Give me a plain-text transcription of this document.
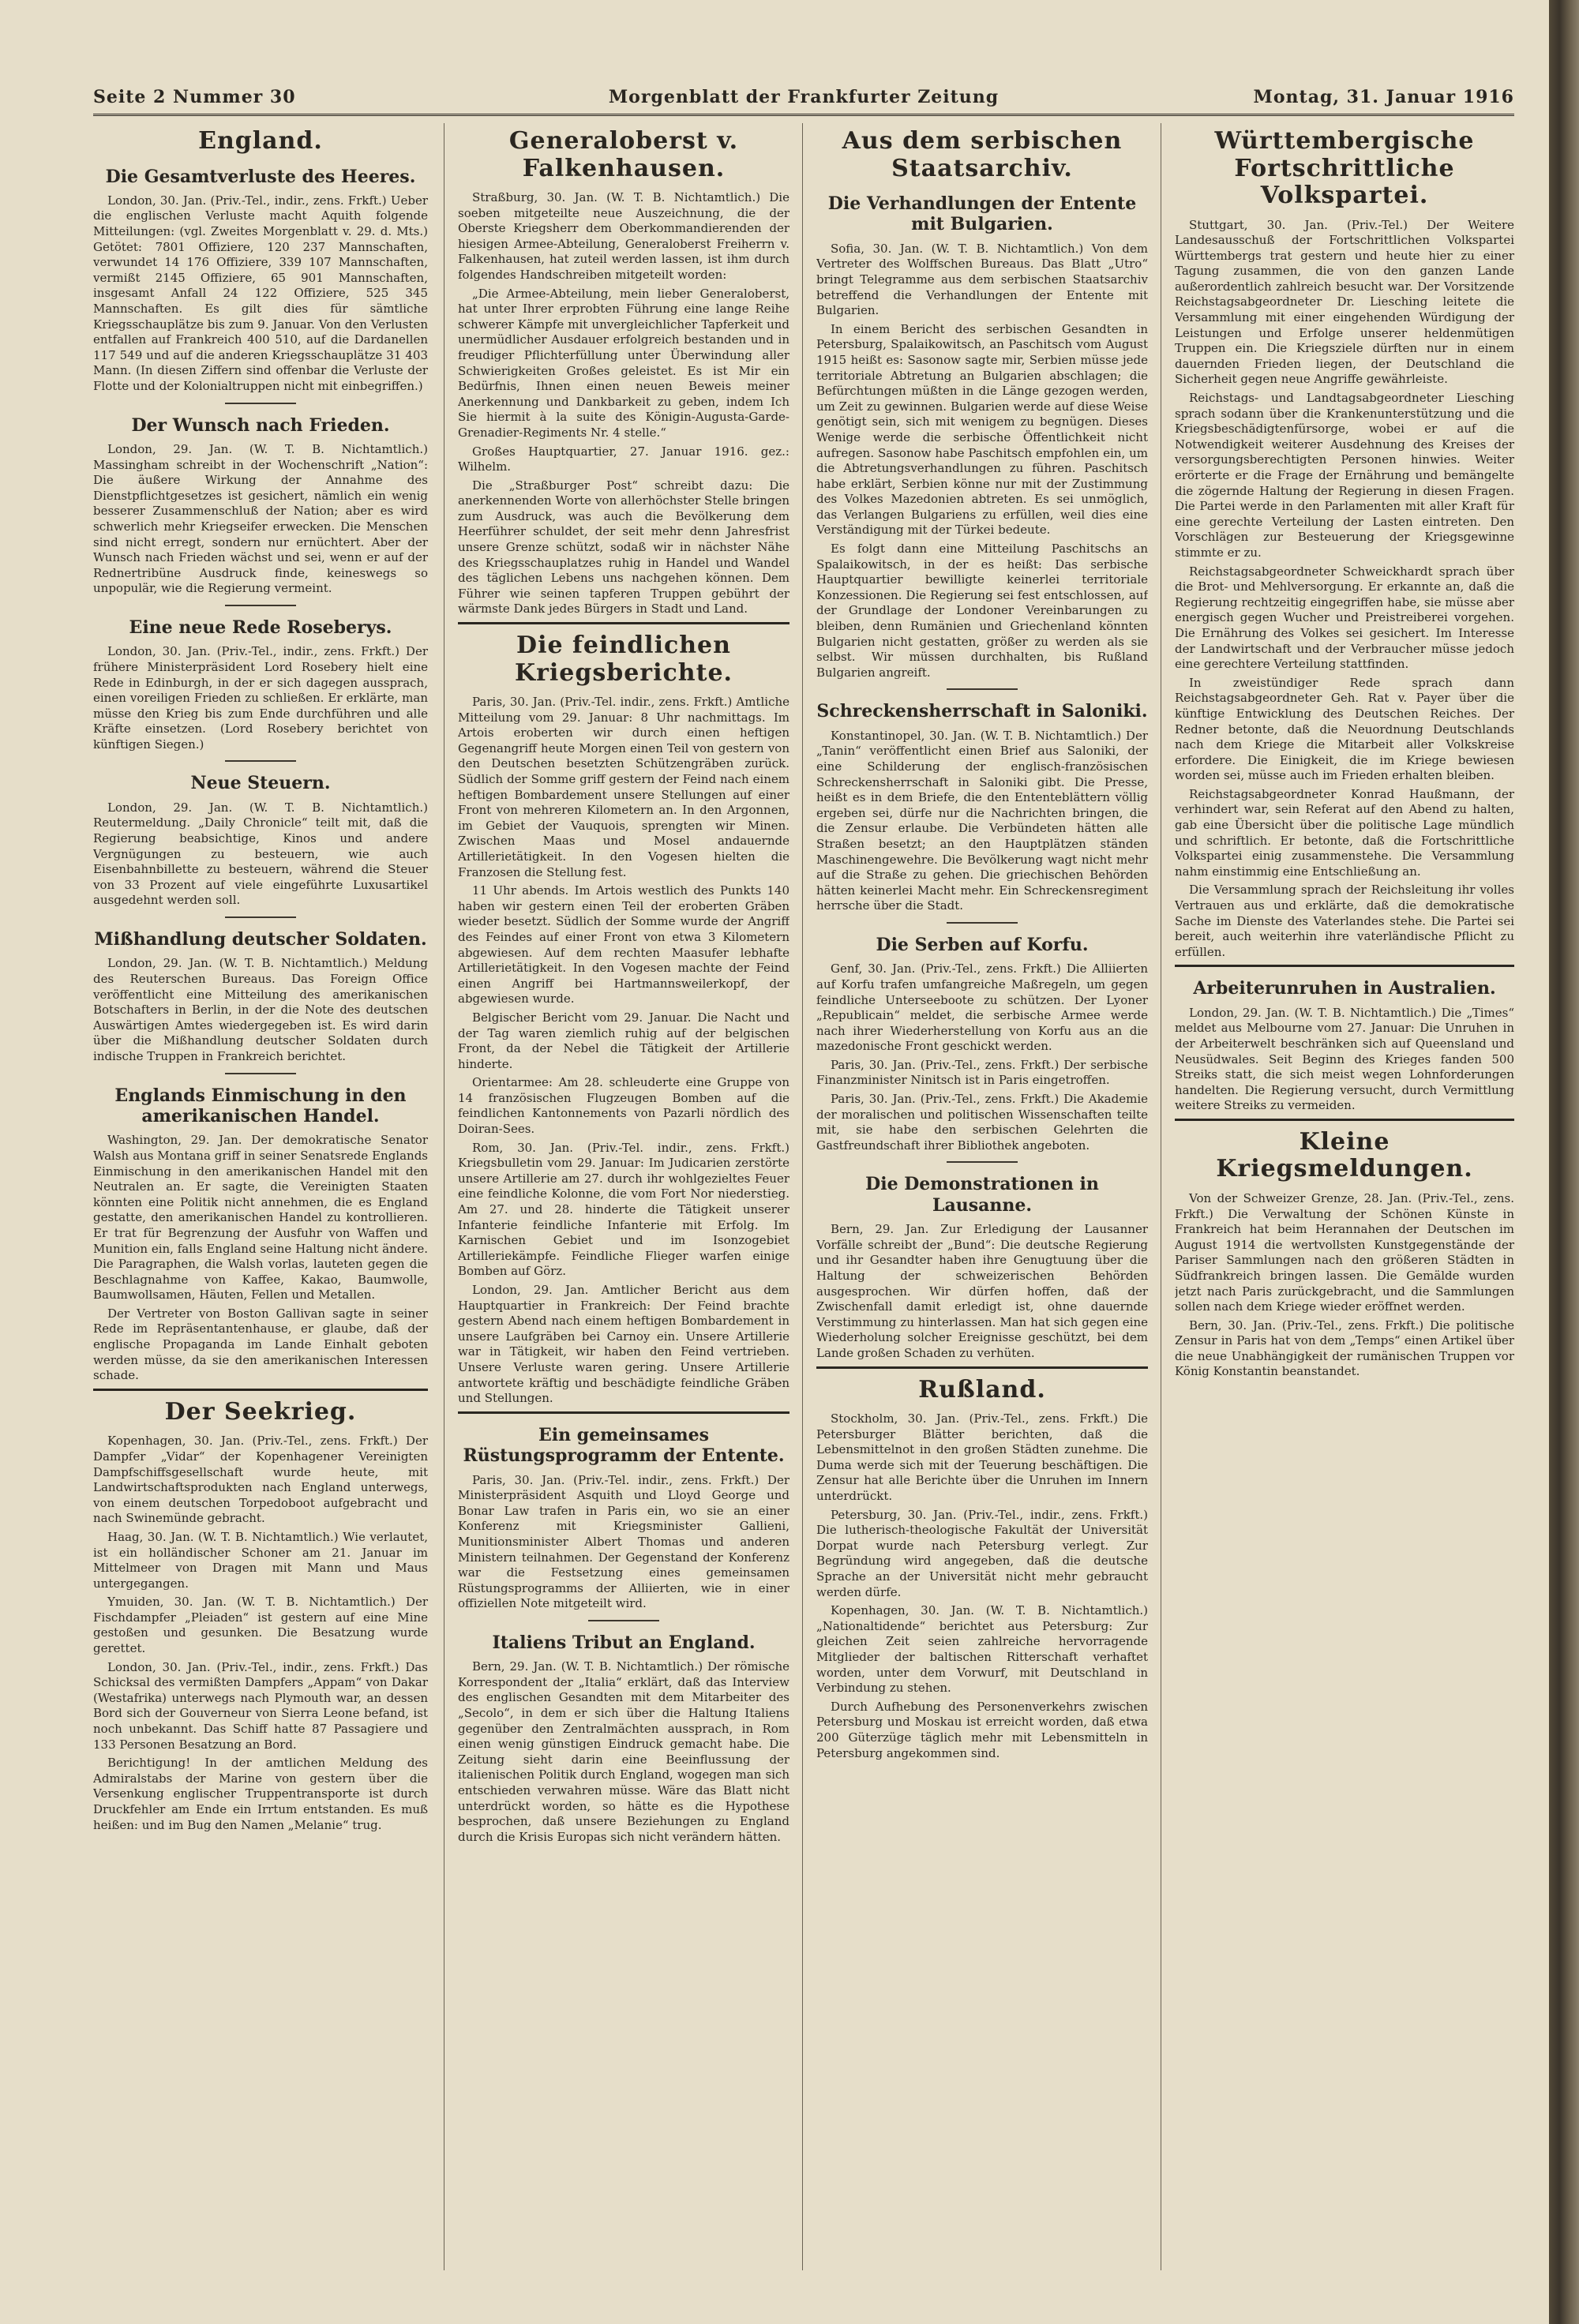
Seite 2 Nummer 30	Morgenblatt der Frankfurter Zeitung	Montag, 31. Januar 1916
England.
Die Gesamtverluste des Heeres.

London, 30. Jan. (Priv.-Tel., indir., zens. Frkft.) Ueber die englischen Verluste macht Aquith folgende Mitteilungen: (vgl. Zweites Morgenblatt v. 29. d. Mts.) Getötet: 7801 Offiziere, 120 237 Mannschaften, verwundet 14 176 Offiziere, 339 107 Mannschaften, vermißt 2145 Offiziere, 65 901 Mannschaften, insgesamt Anfall 24 122 Offiziere, 525 345 Mannschaften. Es gilt dies für sämtliche Kriegsschauplätze bis zum 9. Januar. Von den Verlusten entfallen auf Frankreich 400 510, auf die Dardanellen 117 549 und auf die anderen Kriegsschauplätze 31 403 Mann. (In diesen Ziffern sind offenbar die Verluste der Flotte und der Kolonialtruppen nicht mit einbegriffen.)

Der Wunsch nach Frieden.

London, 29. Jan. (W. T. B. Nichtamtlich.) Massingham schreibt in der Wochenschrift „Nation“: Die äußere Wirkung der Annahme des Dienstpflichtgesetzes ist gesichert, nämlich ein wenig besserer Zusammenschluß der Nation; aber es wird schwerlich mehr Kriegseifer erwecken. Die Menschen sind nicht erregt, sondern nur ernüchtert. Aber der Wunsch nach Frieden wächst und sei, wenn er auf der Rednertribüne Ausdruck finde, keineswegs so unpopulär, wie die Regierung vermeint.

Eine neue Rede Roseberys.

London, 30. Jan. (Priv.-Tel., indir., zens. Frkft.) Der frühere Ministerpräsident Lord Rosebery hielt eine Rede in Edinburgh, in der er sich dagegen aussprach, einen voreiligen Frieden zu schließen. Er erklärte, man müsse den Krieg bis zum Ende durchführen und alle Kräfte einsetzen. (Lord Rosebery berichtet von künftigen Siegen.)

Neue Steuern.

London, 29. Jan. (W. T. B. Nichtamtlich.) Reutermeldung. „Daily Chronicle“ teilt mit, daß die Regierung beabsichtige, Kinos und andere Vergnügungen zu besteuern, wie auch Eisenbahnbillette zu besteuern, während die Steuer von 33 Prozent auf viele eingeführte Luxusartikel ausgedehnt werden soll.

Mißhandlung deutscher Soldaten.

London, 29. Jan. (W. T. B. Nichtamtlich.) Meldung des Reuterschen Bureaus. Das Foreign Office veröffentlicht eine Mitteilung des amerikanischen Botschafters in Berlin, in der die Note des deutschen Auswärtigen Amtes wiedergegeben ist. Es wird darin über die Mißhandlung deutscher Soldaten durch indische Truppen in Frankreich berichtet.

Englands Einmischung in den amerikanischen Handel.

Washington, 29. Jan. Der demokratische Senator Walsh aus Montana griff in seiner Senatsrede Englands Einmischung in den amerikanischen Handel mit den Neutralen an. Er sagte, die Vereinigten Staaten könnten eine Politik nicht annehmen, die es England gestatte, den amerikanischen Handel zu kontrollieren. Er trat für Begrenzung der Ausfuhr von Waffen und Munition ein, falls England seine Haltung nicht ändere. Die Paragraphen, die Walsh vorlas, lauteten gegen die Beschlagnahme von Kaffee, Kakao, Baumwolle, Baumwollsamen, Häuten, Fellen und Metallen.

Der Vertreter von Boston Gallivan sagte in seiner Rede im Repräsentantenhause, er glaube, daß der englische Propaganda im Lande Einhalt geboten werden müsse, da sie den amerikanischen Interessen schade.

Der Seekrieg.

Kopenhagen, 30. Jan. (Priv.-Tel., zens. Frkft.) Der Dampfer „Vidar“ der Kopenhagener Vereinigten Dampfschiffsgesellschaft wurde heute, mit Landwirtschaftsprodukten nach England unterwegs, von einem deutschen Torpedoboot aufgebracht und nach Swinemünde gebracht.

Haag, 30. Jan. (W. T. B. Nichtamtlich.) Wie verlautet, ist ein holländischer Schoner am 21. Januar im Mittelmeer von Dragen mit Mann und Maus untergegangen.

Ymuiden, 30. Jan. (W. T. B. Nichtamtlich.) Der Fischdampfer „Pleiaden“ ist gestern auf eine Mine gestoßen und gesunken. Die Besatzung wurde gerettet.

London, 30. Jan. (Priv.-Tel., indir., zens. Frkft.) Das Schicksal des vermißten Dampfers „Appam“ von Dakar (Westafrika) unterwegs nach Plymouth war, an dessen Bord sich der Gouverneur von Sierra Leone befand, ist noch unbekannt. Das Schiff hatte 87 Passagiere und 133 Personen Besatzung an Bord.

Berichtigung! In der amtlichen Meldung des Admiralstabs der Marine von gestern über die Versenkung englischer Truppentransporte ist durch Druckfehler am Ende ein Irrtum entstanden. Es muß heißen: und im Bug den Namen „Melanie“ trug.

Generaloberst v. Falkenhausen.

Straßburg, 30. Jan. (W. T. B. Nichtamtlich.) Die soeben mitgeteilte neue Auszeichnung, die der Oberste Kriegsherr dem Oberkommandierenden der hiesigen Armee-Abteilung, Generaloberst Freiherrn v. Falkenhausen, hat zuteil werden lassen, ist ihm durch folgendes Handschreiben mitgeteilt worden:

„Die Armee-Abteilung, mein lieber Generaloberst, hat unter Ihrer erprobten Führung eine lange Reihe schwerer Kämpfe mit unvergleichlicher Tapferkeit und unermüdlicher Ausdauer erfolgreich bestanden und in freudiger Pflichterfüllung unter Überwindung aller Schwierigkeiten Großes geleistet. Es ist Mir ein Bedürfnis, Ihnen einen neuen Beweis meiner Anerkennung und Dankbarkeit zu geben, indem Ich Sie hiermit à la suite des Königin-Augusta-Garde-Grenadier-Regiments Nr. 4 stelle.“

Großes Hauptquartier, 27. Januar 1916. gez.: Wilhelm.

Die „Straßburger Post“ schreibt dazu: Die anerkennenden Worte von allerhöchster Stelle bringen zum Ausdruck, was auch die Bevölkerung dem Heerführer schuldet, der seit mehr denn Jahresfrist unsere Grenze schützt, sodaß wir in nächster Nähe des Kriegsschauplatzes ruhig in Handel und Wandel des täglichen Lebens uns nachgehen können. Dem Führer wie seinen tapferen Truppen gebührt der wärmste Dank jedes Bürgers in Stadt und Land.

Die feindlichen Kriegsberichte.

Paris, 30. Jan. (Priv.-Tel. indir., zens. Frkft.) Amtliche Mitteilung vom 29. Januar: 8 Uhr nachmittags. Im Artois eroberten wir durch einen heftigen Gegenangriff heute Morgen einen Teil von gestern von den Deutschen besetzten Schützengräben zurück. Südlich der Somme griff gestern der Feind nach einem heftigen Bombardement unsere Stellungen auf einer Front von mehreren Kilometern an. In den Argonnen, im Gebiet der Vauquois, sprengten wir Minen. Zwischen Maas und Mosel andauernde Artillerietätigkeit. In den Vogesen hielten die Franzosen die Stellung fest.

11 Uhr abends. Im Artois westlich des Punkts 140 haben wir gestern einen Teil der eroberten Gräben wieder besetzt. Südlich der Somme wurde der Angriff des Feindes auf einer Front von etwa 3 Kilometern abgewiesen. Auf dem rechten Maasufer lebhafte Artillerietätigkeit. In den Vogesen machte der Feind einen Angriff bei Hartmannsweilerkopf, der abgewiesen wurde.

Belgischer Bericht vom 29. Januar. Die Nacht und der Tag waren ziemlich ruhig auf der belgischen Front, da der Nebel die Tätigkeit der Artillerie hinderte.

Orientarmee: Am 28. schleuderte eine Gruppe von 14 französischen Flugzeugen Bomben auf die feindlichen Kantonnements von Pazarli nördlich des Doiran-Sees.

Rom, 30. Jan. (Priv.-Tel. indir., zens. Frkft.) Kriegsbulletin vom 29. Januar: Im Judicarien zerstörte unsere Artillerie am 27. durch ihr wohlgezieltes Feuer eine feindliche Kolonne, die vom Fort Nor niederstieg. Am 27. und 28. hinderte die Tätigkeit unserer Infanterie feindliche Infanterie mit Erfolg. Im Karnischen Gebiet und im Isonzogebiet Artilleriekämpfe. Feindliche Flieger warfen einige Bomben auf Görz.

London, 29. Jan. Amtlicher Bericht aus dem Hauptquartier in Frankreich: Der Feind brachte gestern Abend nach einem heftigen Bombardement in unsere Laufgräben bei Carnoy ein. Unsere Artillerie war in Tätigkeit, wir haben den Feind vertrieben. Unsere Verluste waren gering. Unsere Artillerie antwortete kräftig und beschädigte feindliche Gräben und Stellungen.

Ein gemeinsames Rüstungsprogramm der Entente.

Paris, 30. Jan. (Priv.-Tel. indir., zens. Frkft.) Der Ministerpräsident Asquith und Lloyd George und Bonar Law trafen in Paris ein, wo sie an einer Konferenz mit Kriegsminister Gallieni, Munitionsminister Albert Thomas und anderen Ministern teilnahmen. Der Gegenstand der Konferenz war die Festsetzung eines gemeinsamen Rüstungsprogramms der Alliierten, wie in einer offiziellen Note mitgeteilt wird.

Italiens Tribut an England.

Bern, 29. Jan. (W. T. B. Nichtamtlich.) Der römische Korrespondent der „Italia“ erklärt, daß das Interview des englischen Gesandten mit dem Mitarbeiter des „Secolo“, in dem er sich über die Haltung Italiens gegenüber den Zentralmächten aussprach, in Rom einen wenig günstigen Eindruck gemacht habe. Die Zeitung sieht darin eine Beeinflussung der italienischen Politik durch England, wogegen man sich entschieden verwahren müsse. Wäre das Blatt nicht unterdrückt worden, so hätte es die Hypothese besprochen, daß unsere Beziehungen zu England durch die Krisis Europas sich nicht verändern hätten.

Aus dem serbischen Staatsarchiv.
Die Verhandlungen der Entente mit Bulgarien.

Sofia, 30. Jan. (W. T. B. Nichtamtlich.) Von dem Vertreter des Wolffschen Bureaus. Das Blatt „Utro“ bringt Telegramme aus dem serbischen Staatsarchiv betreffend die Verhandlungen der Entente mit Bulgarien.

In einem Bericht des serbischen Gesandten in Petersburg, Spalaikowitsch, an Paschitsch vom August 1915 heißt es: Sasonow sagte mir, Serbien müsse jede territoriale Abtretung an Bulgarien abschlagen; die Befürchtungen müßten in die Länge gezogen werden, um Zeit zu gewinnen. Bulgarien werde auf diese Weise genötigt sein, sich mit wenigem zu begnügen. Dieses Wenige werde die serbische Öffentlichkeit nicht aufregen. Sasonow habe Paschitsch empfohlen ein, um die Abtretungsverhandlungen zu führen. Paschitsch habe erklärt, Serbien könne nur mit der Zustimmung des Volkes Mazedonien abtreten. Es sei unmöglich, das Verlangen Bulgariens zu erfüllen, weil dies eine Verständigung mit der Türkei bedeute.

Es folgt dann eine Mitteilung Paschitschs an Spalaikowitsch, in der es heißt: Das serbische Hauptquartier bewilligte keinerlei territoriale Konzessionen. Die Regierung sei fest entschlossen, auf der Grundlage der Londoner Vereinbarungen zu bleiben, denn Rumänien und Griechenland könnten Bulgarien nicht gestatten, größer zu werden als sie selbst. Wir müssen durchhalten, bis Rußland Bulgarien angreift.

Schreckensherrschaft in Saloniki.

Konstantinopel, 30. Jan. (W. T. B. Nichtamtlich.) Der „Tanin“ veröffentlicht einen Brief aus Saloniki, der eine Schilderung der englisch-französischen Schreckensherrschaft in Saloniki gibt. Die Presse, heißt es in dem Briefe, die den Ententeblättern völlig ergeben sei, dürfe nur die Nachrichten bringen, die die Zensur erlaube. Die Verbündeten hätten alle Straßen besetzt; an den Hauptplätzen ständen Maschinengewehre. Die Bevölkerung wagt nicht mehr auf die Straße zu gehen. Die griechischen Behörden hätten keinerlei Macht mehr. Ein Schreckensregiment herrsche über die Stadt.

Die Serben auf Korfu.

Genf, 30. Jan. (Priv.-Tel., zens. Frkft.) Die Alliierten auf Korfu trafen umfangreiche Maßregeln, um gegen feindliche Unterseeboote zu schützen. Der Lyoner „Republicain“ meldet, die serbische Armee werde nach ihrer Wiederherstellung von Korfu aus an die mazedonische Front geschickt werden.

Paris, 30. Jan. (Priv.-Tel., zens. Frkft.) Der serbische Finanzminister Ninitsch ist in Paris eingetroffen.

Paris, 30. Jan. (Priv.-Tel., zens. Frkft.) Die Akademie der moralischen und politischen Wissenschaften teilte mit, sie habe den serbischen Gelehrten die Gastfreundschaft ihrer Bibliothek angeboten.

Die Demonstrationen in Lausanne.

Bern, 29. Jan. Zur Erledigung der Lausanner Vorfälle schreibt der „Bund“: Die deutsche Regierung und ihr Gesandter haben ihre Genugtuung über die Haltung der schweizerischen Behörden ausgesprochen. Wir dürfen hoffen, daß der Zwischenfall damit erledigt ist, ohne dauernde Verstimmung zu hinterlassen. Man hat sich gegen eine Wiederholung solcher Ereignisse geschützt, bei dem Lande großen Schaden zu verhüten.

Rußland.

Stockholm, 30. Jan. (Priv.-Tel., zens. Frkft.) Die Petersburger Blätter berichten, daß die Lebensmittelnot in den großen Städten zunehme. Die Duma werde sich mit der Teuerung beschäftigen. Die Zensur hat alle Berichte über die Unruhen im Innern unterdrückt.

Petersburg, 30. Jan. (Priv.-Tel., indir., zens. Frkft.) Die lutherisch-theologische Fakultät der Universität Dorpat wurde nach Petersburg verlegt. Zur Begründung wird angegeben, daß die deutsche Sprache an der Universität nicht mehr gebraucht werden dürfe.

Kopenhagen, 30. Jan. (W. T. B. Nichtamtlich.) „Nationaltidende“ berichtet aus Petersburg: Zur gleichen Zeit seien zahlreiche hervorragende Mitglieder der baltischen Ritterschaft verhaftet worden, unter dem Vorwurf, mit Deutschland in Verbindung zu stehen.

Durch Aufhebung des Personenverkehrs zwischen Petersburg und Moskau ist erreicht worden, daß etwa 200 Güterzüge täglich mehr mit Lebensmitteln in Petersburg angekommen sind.

Württembergische Fortschrittliche Volkspartei.

Stuttgart, 30. Jan. (Priv.-Tel.) Der Weitere Landesausschuß der Fortschrittlichen Volkspartei Württembergs trat gestern und heute hier zu einer Tagung zusammen, die von den ganzen Lande außerordentlich zahlreich besucht war. Der Vorsitzende Reichstagsabgeordneter Dr. Liesching leitete die Versammlung mit einer eingehenden Würdigung der Leistungen und Erfolge unserer heldenmütigen Truppen ein. Die Kriegsziele dürften nur in einem dauernden Frieden liegen, der Deutschland die Sicherheit gegen neue Angriffe gewährleiste.

Reichstags- und Landtagsabgeordneter Liesching sprach sodann über die Krankenunterstützung und die Kriegsbeschädigtenfürsorge, wobei er auf die Notwendigkeit weiterer Ausdehnung des Kreises der versorgungsberechtigten Personen hinwies. Weiter erörterte er die Frage der Ernährung und bemängelte die zögernde Haltung der Regierung in diesen Fragen. Die Partei werde in den Parlamenten mit aller Kraft für eine gerechte Verteilung der Lasten eintreten. Den Vorschlägen zur Besteuerung der Kriegsgewinne stimmte er zu.

Reichstagsabgeordneter Schweickhardt sprach über die Brot- und Mehlversorgung. Er erkannte an, daß die Regierung rechtzeitig eingegriffen habe, sie müsse aber energisch gegen Wucher und Preistreiberei vorgehen. Die Ernährung des Volkes sei gesichert. Im Interesse der Landwirtschaft und der Verbraucher müsse jedoch eine gerechtere Verteilung stattfinden.

In zweistündiger Rede sprach dann Reichstagsabgeordneter Geh. Rat v. Payer über die künftige Entwicklung des Deutschen Reiches. Der Redner betonte, daß die Neuordnung Deutschlands nach dem Kriege die Mitarbeit aller Volkskreise erfordere. Die Einigkeit, die im Kriege bewiesen worden sei, müsse auch im Frieden erhalten bleiben.

Reichstagsabgeordneter Konrad Haußmann, der verhindert war, sein Referat auf den Abend zu halten, gab eine Übersicht über die politische Lage mündlich und schriftlich. Er betonte, daß die Fortschrittliche Volkspartei einig zusammenstehe. Die Versammlung nahm einstimmig eine Entschließung an.

Die Versammlung sprach der Reichsleitung ihr volles Vertrauen aus und erklärte, daß die demokratische Sache im Dienste des Vaterlandes stehe. Die Partei sei bereit, auch weiterhin ihre vaterländische Pflicht zu erfüllen.

Arbeiterunruhen in Australien.

London, 29. Jan. (W. T. B. Nichtamtlich.) Die „Times“ meldet aus Melbourne vom 27. Januar: Die Unruhen in der Arbeiterwelt beschränken sich auf Queensland und Neusüdwales. Seit Beginn des Krieges fanden 500 Streiks statt, die sich meist wegen Lohnforderungen handelten. Die Regierung versucht, durch Vermittlung weitere Streiks zu vermeiden.

Kleine Kriegsmeldungen.

Von der Schweizer Grenze, 28. Jan. (Priv.-Tel., zens. Frkft.) Die Verwaltung der Schönen Künste in Frankreich hat beim Herannahen der Deutschen im August 1914 die wertvollsten Kunstgegenstände der Pariser Sammlungen nach den größeren Städten in Südfrankreich bringen lassen. Die Gemälde wurden jetzt nach Paris zurückgebracht, und die Sammlungen sollen nach dem Kriege wieder eröffnet werden.

Bern, 30. Jan. (Priv.-Tel., zens. Frkft.) Die politische Zensur in Paris hat von dem „Temps“ einen Artikel über die neue Unabhängigkeit der rumänischen Truppen vor König Konstantin beanstandet.
